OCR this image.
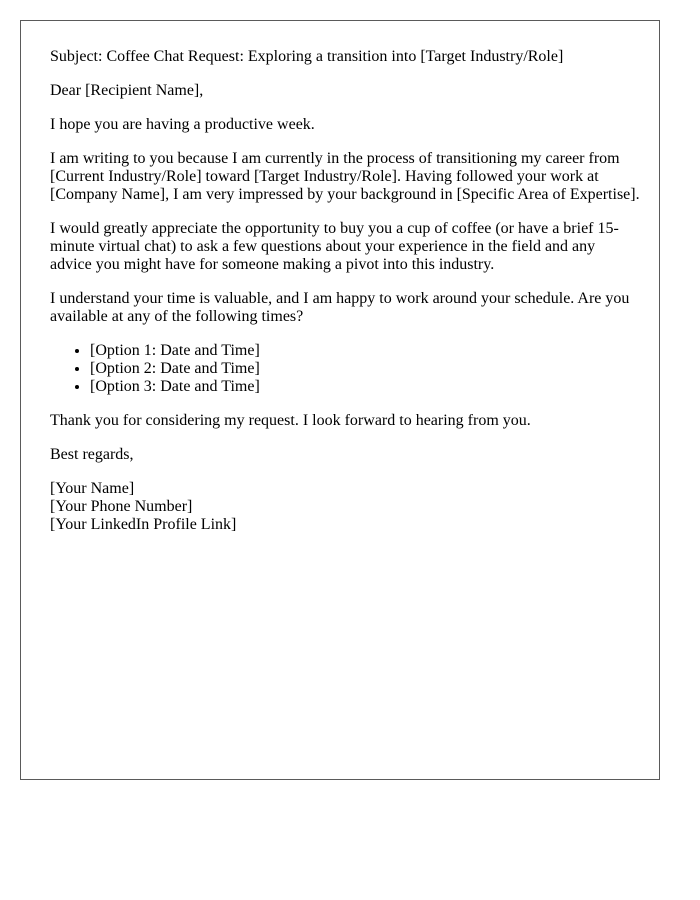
Subject: Coffee Chat Request: Exploring a transition into [Target Industry/Role]

Dear [Recipient Name],

I hope you are having a productive week.

I am writing to you because I am currently in the process of transitioning my career from [Current Industry/Role] toward [Target Industry/Role]. Having followed your work at [Company Name], I am very impressed by your background in [Specific Area of Expertise].

I would greatly appreciate the opportunity to buy you a cup of coffee (or have a brief 15-minute virtual chat) to ask a few questions about your experience in the field and any advice you might have for someone making a pivot into this industry.

I understand your time is valuable, and I am happy to work around your schedule. Are you available at any of the following times?

• [Option 1: Date and Time]
• [Option 2: Date and Time]
• [Option 3: Date and Time]

Thank you for considering my request. I look forward to hearing from you.

Best regards,

[Your Name]
[Your Phone Number]
[Your LinkedIn Profile Link]
